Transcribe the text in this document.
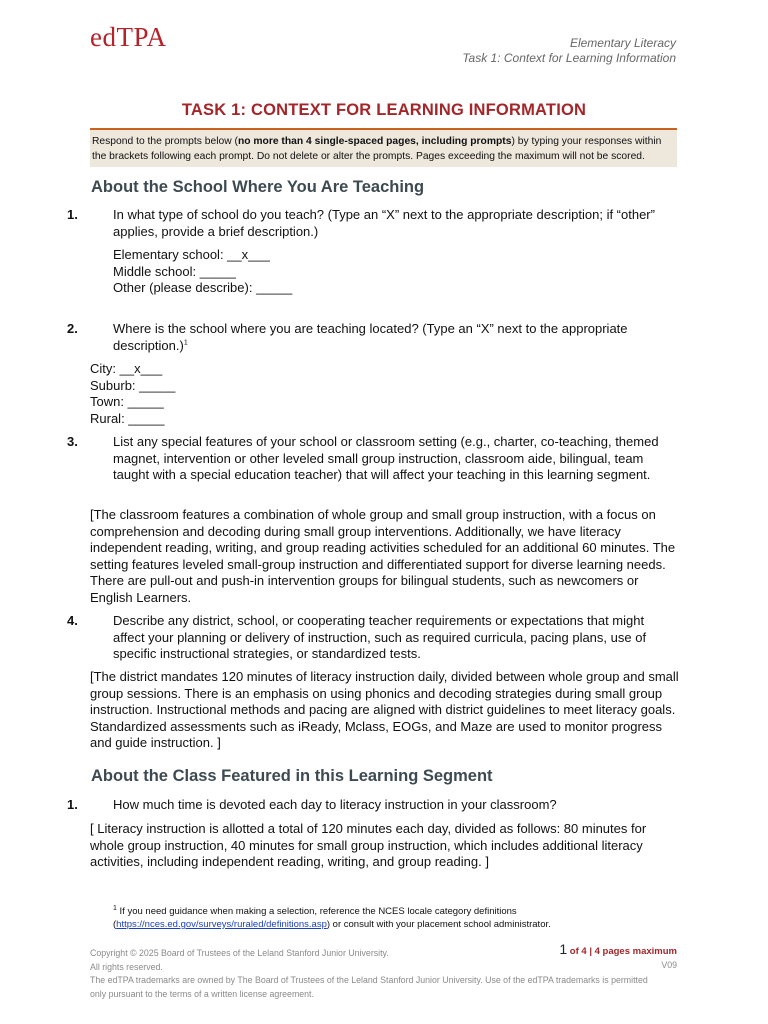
edTPA	Elementary Literacy
Task 1: Context for Learning Information
TASK 1: CONTEXT FOR LEARNING INFORMATION
Respond to the prompts below (no more than 4 single-spaced pages, including prompts) by typing your responses within the brackets following each prompt. Do not delete or alter the prompts. Pages exceeding the maximum will not be scored.
About the School Where You Are Teaching
1.	In what type of school do you teach? (Type an “X” next to the appropriate description; if “other” applies, provide a brief description.)
Elementary school: __x___
Middle school: _____
Other (please describe): _____
2.	Where is the school where you are teaching located? (Type an “X” next to the appropriate description.)$^1$
City: __x___
Suburb: _____
Town: _____
Rural: _____
3.	List any special features of your school or classroom setting (e.g., charter, co-teaching, themed magnet, intervention or other leveled small group instruction, classroom aide, bilingual, team taught with a special education teacher) that will affect your teaching in this learning segment.
[The classroom features a combination of whole group and small group instruction, with a focus on comprehension and decoding during small group interventions. Additionally, we have literacy independent reading, writing, and group reading activities scheduled for an additional 60 minutes. The setting features leveled small-group instruction and differentiated support for diverse learning needs. There are pull-out and push-in intervention groups for bilingual students, such as newcomers or English Learners.
4.	Describe any district, school, or cooperating teacher requirements or expectations that might affect your planning or delivery of instruction, such as required curricula, pacing plans, use of specific instructional strategies, or standardized tests.
[The district mandates 120 minutes of literacy instruction daily, divided between whole group and small group sessions. There is an emphasis on using phonics and decoding strategies during small group instruction. Instructional methods and pacing are aligned with district guidelines to meet literacy goals. Standardized assessments such as iReady, Mclass, EOGs, and Maze are used to monitor progress and guide instruction. ]
About the Class Featured in this Learning Segment
1.	How much time is devoted each day to literacy instruction in your classroom?
[ Literacy instruction is allotted a total of 120 minutes each day, divided as follows: 80 minutes for whole group instruction, 40 minutes for small group instruction, which includes additional literacy activities, including independent reading, writing, and group reading. ]
$^1$ If you need guidance when making a selection, reference the NCES locale category definitions
(https://nces.ed.gov/surveys/ruraled/definitions.asp) or consult with your placement school administrator.
Copyright © 2025 Board of Trustees of the Leland Stanford Junior University.
All rights reserved.
The edTPA trademarks are owned by The Board of Trustees of the Leland Stanford Junior University. Use of the edTPA trademarks is permitted only pursuant to the terms of a written license agreement.
1 of 4 | 4 pages maximum
V09
